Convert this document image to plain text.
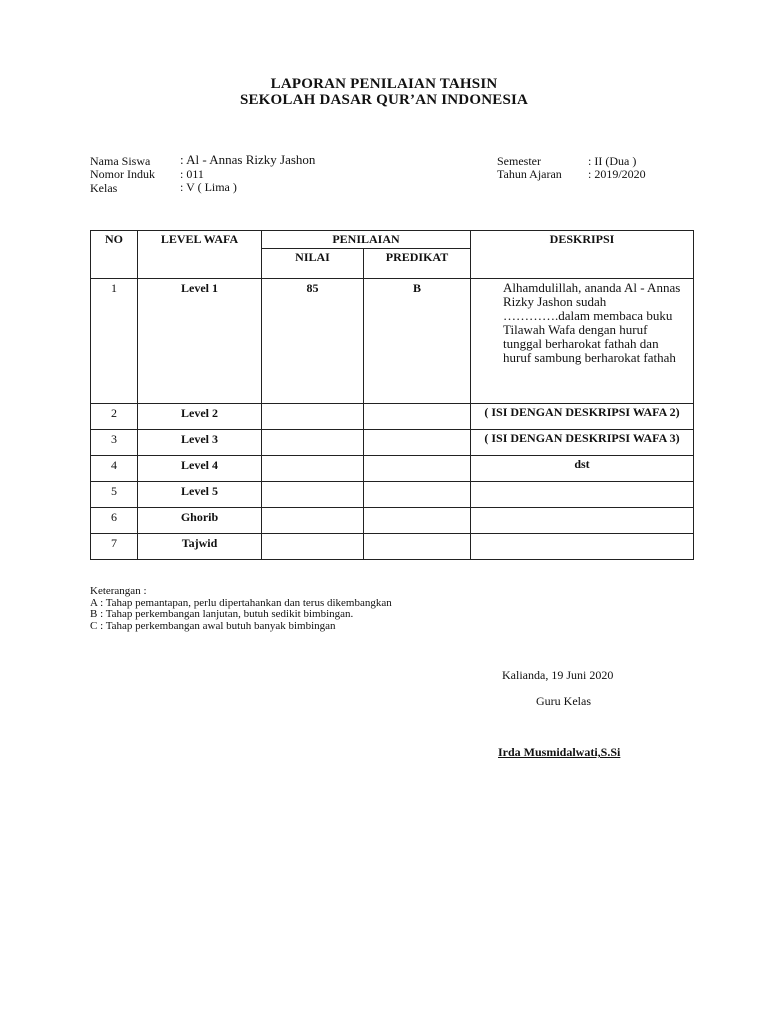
LAPORAN PENILAIAN TAHSIN
SEKOLAH DASAR QUR’AN INDONESIA
Nama Siswa : Al - Annas Rizky Jashon
Nomor Induk : 011
Kelas	: V ( Lima )
Semester	: II (Dua )
Tahun Ajaran : 2019/2020
NO	LEVEL WAFA	PENILAIAN		DESKRIPSI
		NILAI	PREDIKAT	
1	Level 1	85	B	Alhamdulillah, ananda Al - Annas Rizky Jashon sudah ………….dalam membaca buku Tilawah Wafa dengan huruf tunggal berharokat fathah dan huruf sambung berharokat fathah
2	Level 2			( ISI DENGAN DESKRIPSI WAFA 2)
3	Level 3			( ISI DENGAN DESKRIPSI WAFA 3)
4	Level 4			dst
5	Level 5			
6	Ghorib			
7	Tajwid			
Keterangan :
A : Tahap pemantapan, perlu dipertahankan dan terus dikembangkan
B : Tahap perkembangan lanjutan, butuh sedikit bimbingan.
C : Tahap perkembangan awal butuh banyak bimbingan
Kalianda, 19 Juni 2020
Guru Kelas
Irda Musmidalwati,S.Si
